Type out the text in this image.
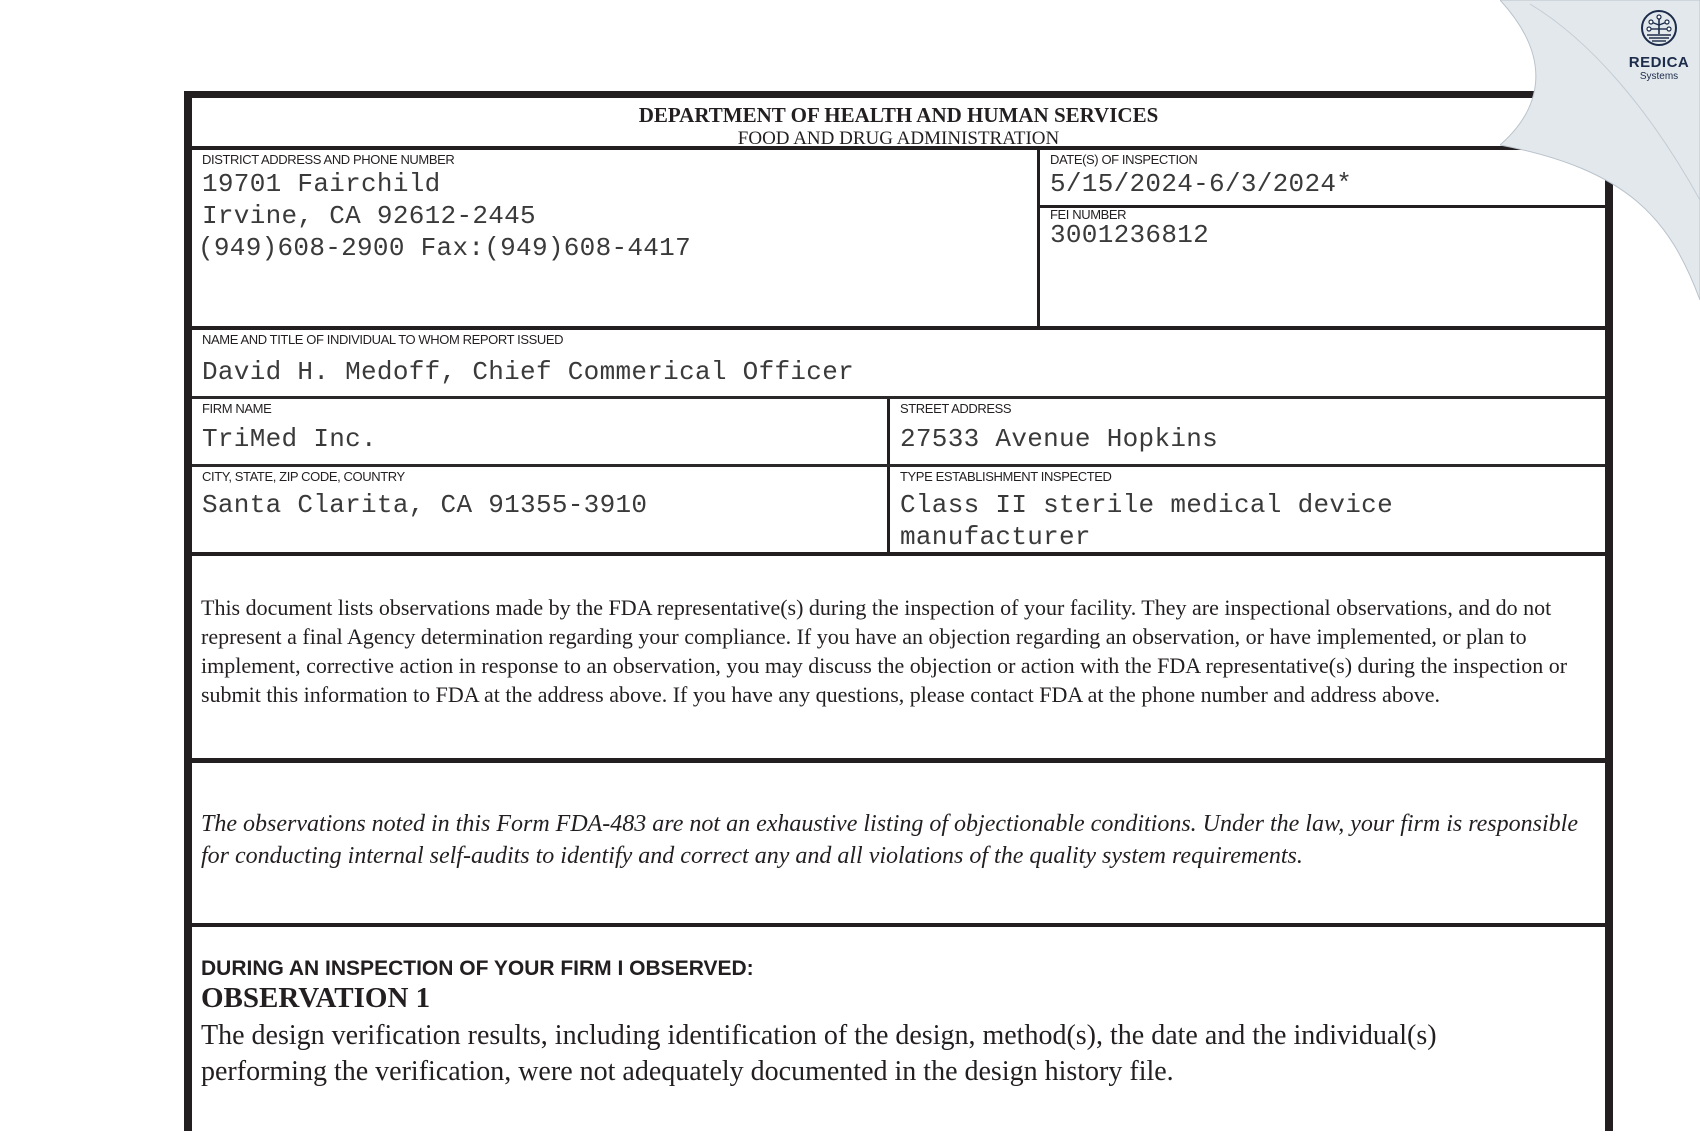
DEPARTMENT OF HEALTH AND HUMAN SERVICES
FOOD AND DRUG ADMINISTRATION
DISTRICT ADDRESS AND PHONE NUMBER
19701 Fairchild
Irvine, CA 92612-2445
(949)608-2900 Fax:(949)608-4417
DATE(S) OF INSPECTION
5/15/2024-6/3/2024*
FEI NUMBER
3001236812
NAME AND TITLE OF INDIVIDUAL TO WHOM REPORT ISSUED
David H. Medoff, Chief Commerical Officer
FIRM NAME
TriMed Inc.
STREET ADDRESS
27533 Avenue Hopkins
CITY, STATE, ZIP CODE, COUNTRY
Santa Clarita, CA 91355-3910
TYPE ESTABLISHMENT INSPECTED
Class II sterile medical device
manufacturer
This document lists observations made by the FDA representative(s) during the inspection of your facility. They are inspectional observations, and do not represent a final Agency determination regarding your compliance. If you have an objection regarding an observation, or have implemented, or plan to implement, corrective action in response to an observation, you may discuss the objection or action with the FDA representative(s) during the inspection or submit this information to FDA at the address above. If you have any questions, please contact FDA at the phone number and address above.
The observations noted in this Form FDA-483 are not an exhaustive listing of objectionable conditions. Under the law, your firm is responsible for conducting internal self-audits to identify and correct any and all violations of the quality system requirements.
DURING AN INSPECTION OF YOUR FIRM I OBSERVED:
OBSERVATION 1
The design verification results, including identification of the design, method(s), the date and the individual(s) performing the verification, were not adequately documented in the design history file.
REDICA
Systems
